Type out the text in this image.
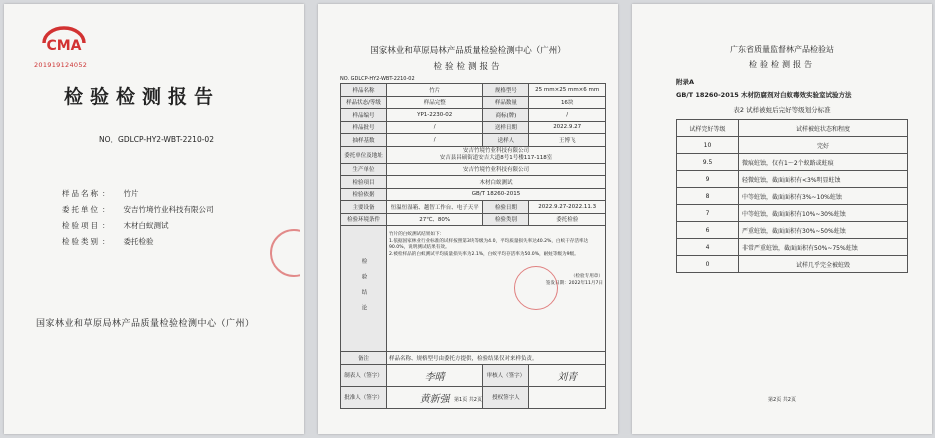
CMA
201919124052
检验检测报告
NO．GDLCP-HY2-WBT-2210-02
样品名称 ： 竹片
委托单位 ： 安吉竹境竹业科技有限公司
检验项目 ： 木材白蚁测试
检验类别 ： 委托检验
国家林业和草原局林产品质量检验检测中心（广州）
国家林业和草原局林产品质量检验检测中心（广州）
检验检测报告
NO. GDLCP-HY2-WBT-2210-02
样品名称	竹片	规格型号	25 mm×25 mm×6 mm
样品状态/等级	样品完整	样品数量	16块
样品编号	YP1-2230-02	商标(牌)	/
样品批号	/	送样日期	2022.9.27
抽样基数	/	送样人	王博飞
委托单位及地址	安吉竹境竹业科技有限公司
安吉县昌硕街道安吉大道8号1号楼117-118室		

生产单位	安吉竹境竹业科技有限公司		
检验项目	木材白蚁测试		
检验依据	GB/T 18260-2015		
主要设备	恒温恒湿箱、越智工作台、电子天平	检验日期	2022.9.27-2022.11.3
检验环境条件	27℃、80%	检验类别	委托检验
检验结论	竹片的白蚁测试结果如下：
1.依据国家林业行业标准的试样按照第3块等级为4.0，平均质量损失率达40.2%，白蚁干存活率达90.0%，说明测试结果有效。
2.被检样品的白蚁测试平均质量损失率为2.1%，白蚁平均存活率为50.0%，耐蛀等级为9级。
（检验专用章）
签发日期：2022年11月7日		

备注	样品名称、规格型号由委托方提供，检验结果仅对来样负责。		
制表人（签字）	李晴	审核人（签字）	刘青
批准人（签字）	黄新强	授权签字人	
第1页 共2页
广东省质量监督林产品检验站
检验检测报告
附录A
GB/T 18260-2015 木材防腐剂对白蚁毒效实验室试验方法
表2 试样被蛀后完好等级划分标准
试样完好等级	试样被蛀状态和程度
10	完好
9.5	微痕蛀蚀，仅有1～2个蚁路或蛀痕
9	轻微蛀蚀，截面面积有<3%明显蛀蚀
8	中等蛀蚀，截面面积有3%~10%蛀蚀
7	中等蛀蚀，截面面积有10%~30%蛀蚀
6	严重蛀蚀，截面面积有30%~50%蛀蚀
4	非常严重蛀蚀，截面面积有50%~75%蛀蚀
0	试样几乎完全被蛀毁
第2页 共2页
